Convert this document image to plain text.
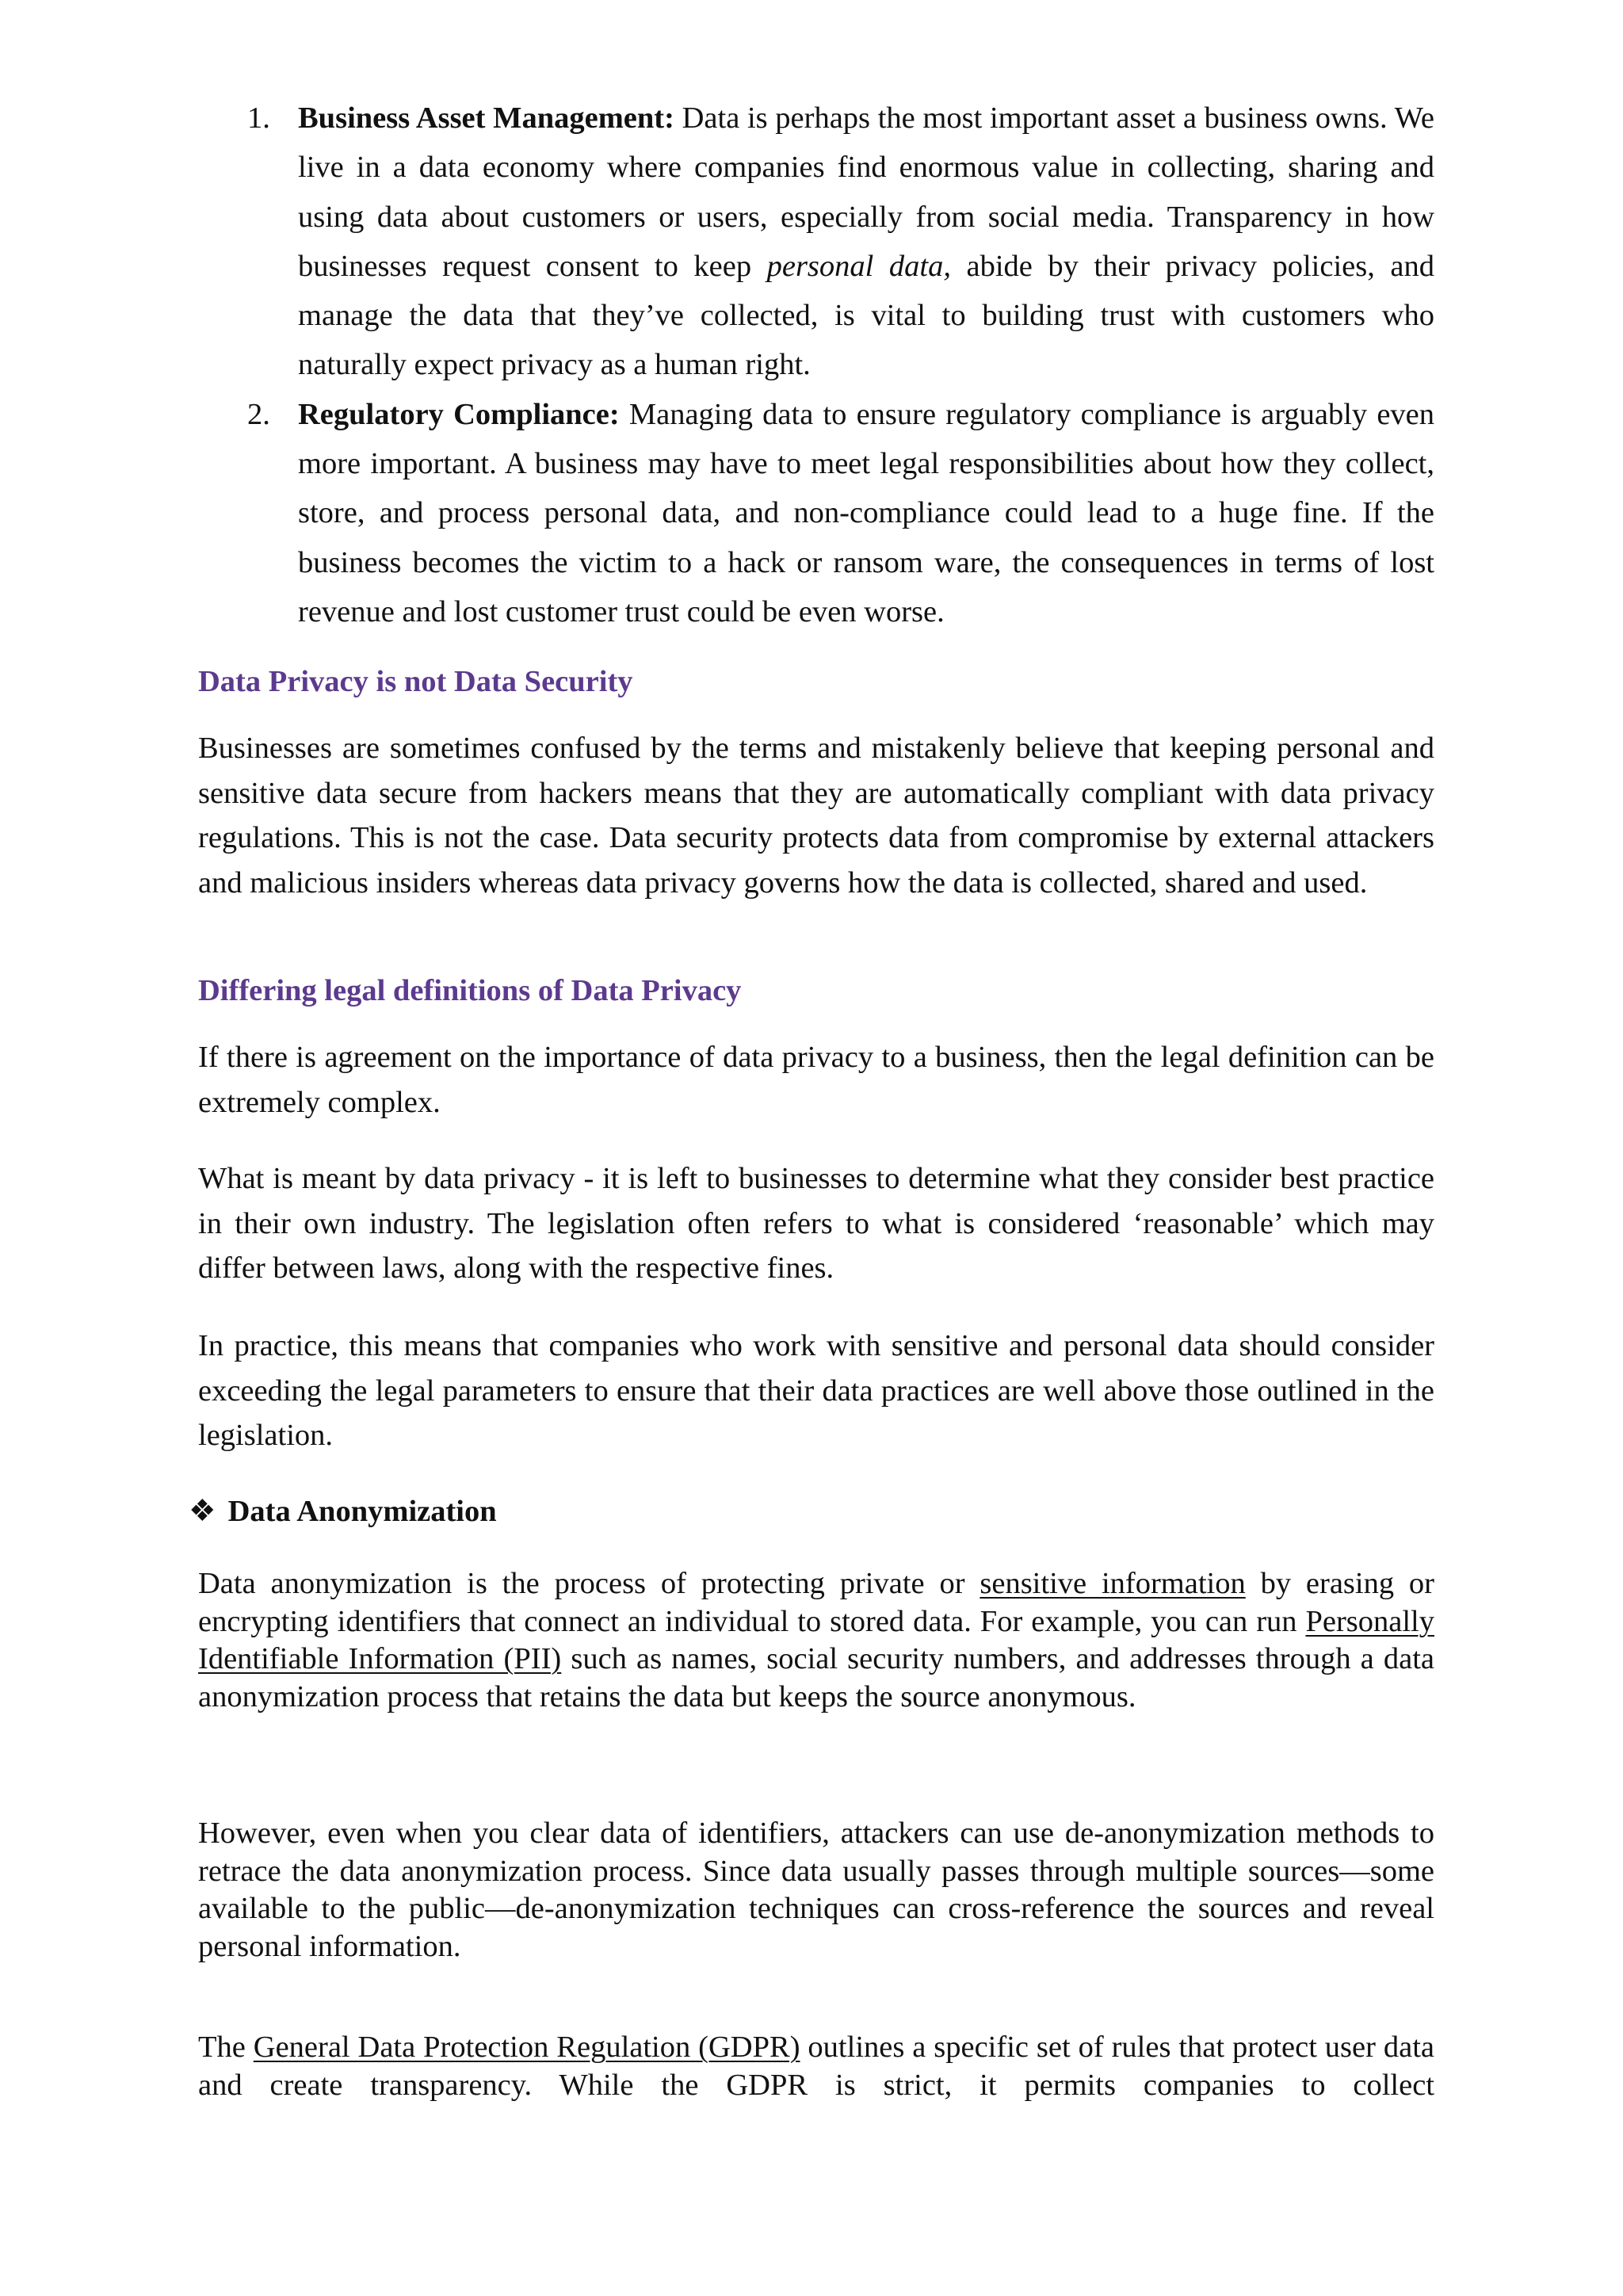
1. Business Asset Management: Data is perhaps the most important asset a business owns. We live in a data economy where companies find enormous value in collecting, sharing and using data about customers or users, especially from social media. Transparency in how businesses request consent to keep personal data, abide by their privacy policies, and manage the data that they’ve collected, is vital to building trust with customers who naturally expect privacy as a human right.
2. Regulatory Compliance: Managing data to ensure regulatory compliance is arguably even more important. A business may have to meet legal responsibilities about how they collect, store, and process personal data, and non-compliance could lead to a huge fine. If the business becomes the victim to a hack or ransom ware, the consequences in terms of lost revenue and lost customer trust could be even worse.
Data Privacy is not Data Security
Businesses are sometimes confused by the terms and mistakenly believe that keeping personal and sensitive data secure from hackers means that they are automatically compliant with data privacy regulations. This is not the case. Data security protects data from compromise by external attackers and malicious insiders whereas data privacy governs how the data is collected, shared and used.
Differing legal definitions of Data Privacy
If there is agreement on the importance of data privacy to a business, then the legal definition can be extremely complex.
What is meant by data privacy - it is left to businesses to determine what they consider best practice in their own industry. The legislation often refers to what is considered ‘reasonable’ which may differ between laws, along with the respective fines.
In practice, this means that companies who work with sensitive and personal data should consider exceeding the legal parameters to ensure that their data practices are well above those outlined in the legislation.
❖ Data Anonymization
Data anonymization is the process of protecting private or sensitive information by erasing or encrypting identifiers that connect an individual to stored data. For example, you can run Personally Identifiable Information (PII) such as names, social security numbers, and addresses through a data anonymization process that retains the data but keeps the source anonymous.
However, even when you clear data of identifiers, attackers can use de-anonymization methods to retrace the data anonymization process. Since data usually passes through multiple sources—some available to the public—de-anonymization techniques can cross-reference the sources and reveal personal information.
The General Data Protection Regulation (GDPR) outlines a specific set of rules that protect user data and create transparency. While the GDPR is strict, it permits companies to collect
